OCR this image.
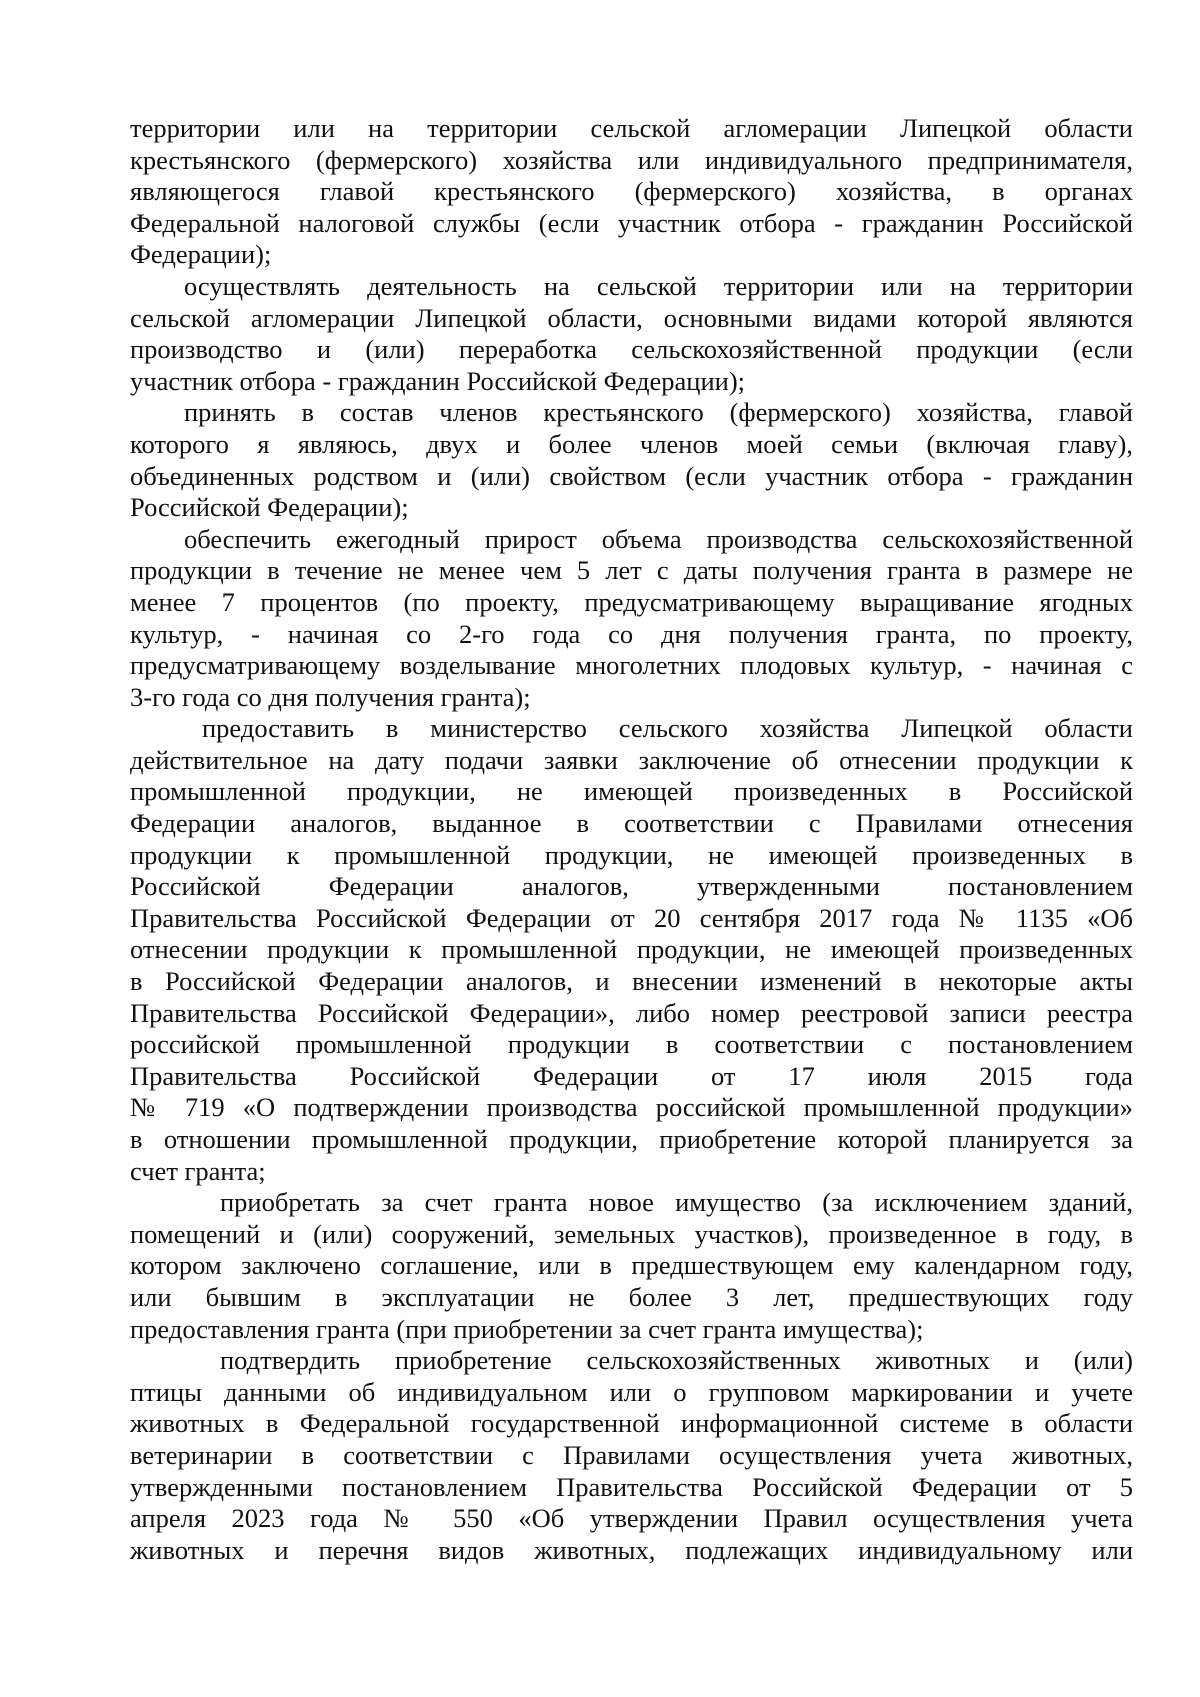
территории или на территории сельской агломерации Липецкой области
крестьянского (фермерского) хозяйства или индивидуального предпринимателя,
являющегося главой крестьянского (фермерского) хозяйства, в органах
Федеральной налоговой службы (если участник отбора - гражданин Российской
Федерации);
осуществлять деятельность на сельской территории или на территории
сельской агломерации Липецкой области, основными видами которой являются
производство и (или) переработка сельскохозяйственной продукции (если
участник отбора - гражданин Российской Федерации);
принять в состав членов крестьянского (фермерского) хозяйства, главой
которого я являюсь, двух и более членов моей семьи (включая главу),
объединенных родством и (или) свойством (если участник отбора - гражданин
Российской Федерации);
обеспечить ежегодный прирост объема производства сельскохозяйственной
продукции в течение не менее чем 5 лет с даты получения гранта в размере не
менее 7 процентов (по проекту, предусматривающему выращивание ягодных
культур, - начиная со 2-го года со дня получения гранта, по проекту,
предусматривающему возделывание многолетних плодовых культур, - начиная с
3-го года со дня получения гранта);
предоставить в министерство сельского хозяйства Липецкой области
действительное на дату подачи заявки заключение об отнесении продукции к
промышленной продукции, не имеющей произведенных в Российской
Федерации аналогов, выданное в соответствии с Правилами отнесения
продукции к промышленной продукции, не имеющей произведенных в
Российской Федерации аналогов, утвержденными постановлением
Правительства Российской Федерации от 20 сентября 2017 года № 1135 «Об
отнесении продукции к промышленной продукции, не имеющей произведенных
в Российской Федерации аналогов, и внесении изменений в некоторые акты
Правительства Российской Федерации», либо номер реестровой записи реестра
российской промышленной продукции в соответствии с постановлением
Правительства Российской Федерации от 17 июля 2015 года
№ 719 «О подтверждении производства российской промышленной продукции»
в отношении промышленной продукции, приобретение которой планируется за
счет гранта;
приобретать за счет гранта новое имущество (за исключением зданий,
помещений и (или) сооружений, земельных участков), произведенное в году, в
котором заключено соглашение, или в предшествующем ему календарном году,
или бывшим в эксплуатации не более 3 лет, предшествующих году
предоставления гранта (при приобретении за счет гранта имущества);
подтвердить приобретение сельскохозяйственных животных и (или)
птицы данными об индивидуальном или о групповом маркировании и учете
животных в Федеральной государственной информационной системе в области
ветеринарии в соответствии с Правилами осуществления учета животных,
утвержденными постановлением Правительства Российской Федерации от 5
апреля 2023 года № 550 «Об утверждении Правил осуществления учета
животных и перечня видов животных, подлежащих индивидуальному или
